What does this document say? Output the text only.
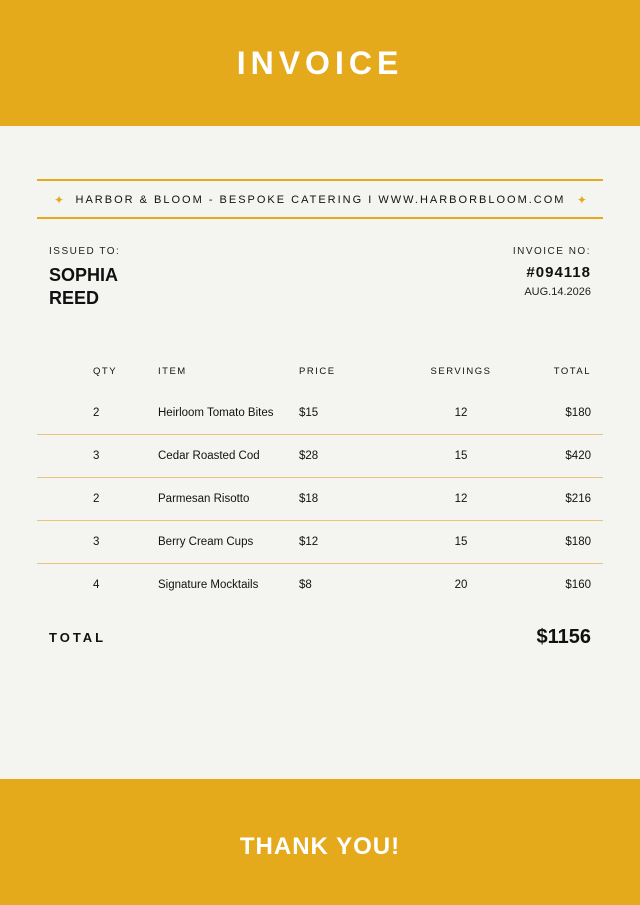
INVOICE
✦ HARBOR & BLOOM - BESPOKE CATERING I WWW.HARBORBLOOM.COM ✦
ISSUED TO:
SOPHIA REED
INVOICE NO:
#094118
AUG.14.2026
QTY	ITEM	PRICE	SERVINGS	TOTAL
2	Heirloom Tomato Bites	$15	12	$180
3	Cedar Roasted Cod	$28	15	$420
2	Parmesan Risotto	$18	12	$216
3	Berry Cream Cups	$12	15	$180
4	Signature Mocktails	$8	20	$160
TOTAL	$1156
THANK YOU!
